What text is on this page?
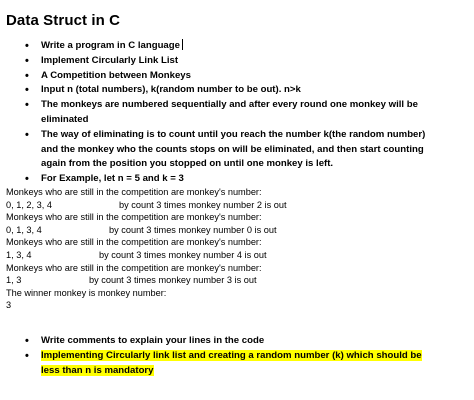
Data Struct in C
• Write a program in C language
• Implement Circularly Link List
• A Competition between Monkeys
• Input n (total numbers), k(random number to be out). n>k
• The monkeys are numbered sequentially and after every round one monkey will be eliminated
• The way of eliminating is to count until you reach the number k(the random number) and the monkey who the counts stops on will be eliminated, and then start counting again from the position you stopped on until one monkey is left.
• For Example, let n = 5 and k = 3
Monkeys who are still in the competition are monkey's number:
0, 1, 2, 3, 4	by count 3 times monkey number 2 is out
Monkeys who are still in the competition are monkey's number:
0, 1, 3, 4	by count 3 times monkey number 0 is out
Monkeys who are still in the competition are monkey's number:
1, 3, 4	by count 3 times monkey number 4 is out
Monkeys who are still in the competition are monkey's number:
1, 3	by count 3 times monkey number 3 is out
The winner monkey is monkey number:
3
• Write comments to explain your lines in the code
• Implementing Circularly link list and creating a random number (k) which should be less than n is mandatory
